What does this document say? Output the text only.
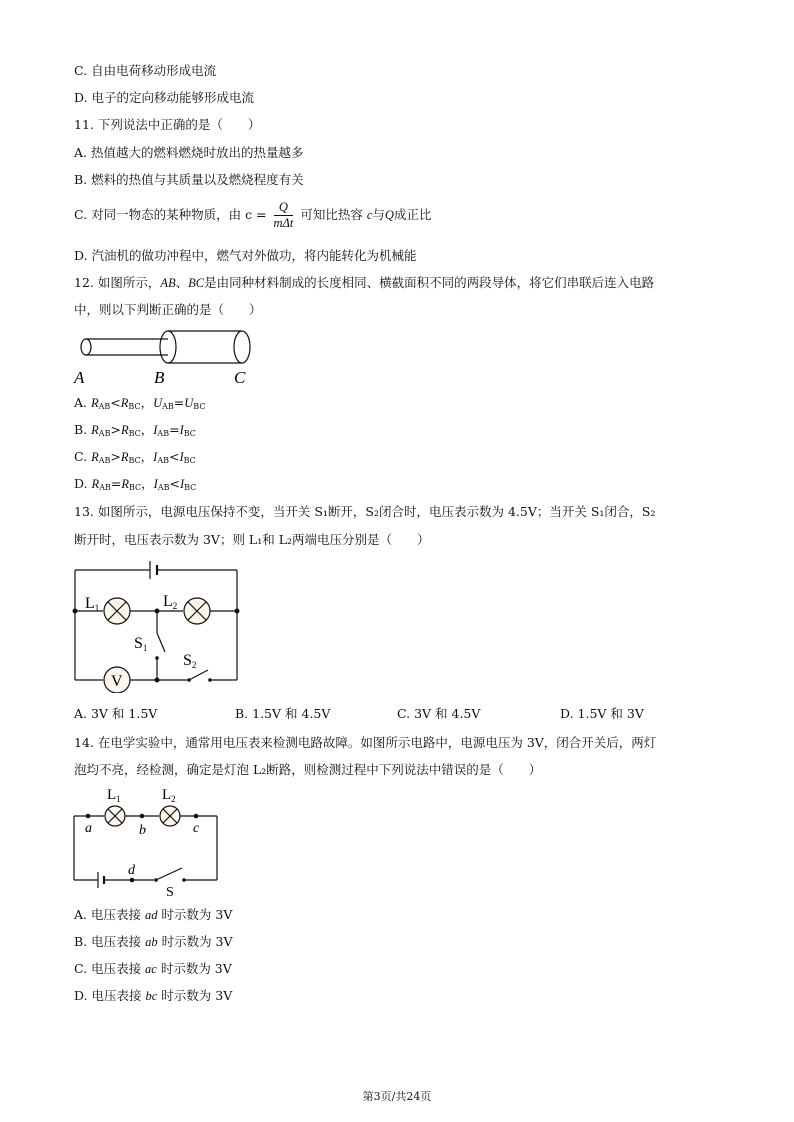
C. 自由电荷移动形成电流
D. 电子的定向移动能够形成电流
11. 下列说法中正确的是（　　）
A. 热值越大的燃料燃烧时放出的热量越多
B. 燃料的热值与其质量以及燃烧程度有关
C. 对同一物态的某种物质，由 $c = \frac{Q}{\text{mΔt}}$ 可知比热容 c与Q成正比
D. 汽油机的做功冲程中，燃气对外做功，将内能转化为机械能
12. 如图所示，AB、BC是由同种材料制成的长度相同、横截面积不同的两段导体，将它们串联后连入电路
中，则以下判断正确的是（　　）
A	B	C
A. $R_{AB}<R_{BC}$，$U_{AB}=U_{BC}$
B. $R_{AB}>R_{BC}$，$I_{AB}=I_{BC}$
C. $R_{AB}>R_{BC}$，$I_{AB}<I_{BC}$
D. $R_{AB}=R_{BC}$，$I_{AB}<I_{BC}$
13. 如图所示，电源电压保持不变，当开关 S₁断开，S₂闭合时，电压表示数为 4.5V；当开关 S₁闭合，S₂
断开时，电压表示数为 3V；则 L₁和 L₂两端电压分别是（　　）
V
L1	L2
S1
S2
A. 3V 和 1.5V	B. 1.5V 和 4.5V	C. 3V 和 4.5V	D. 1.5V 和 3V
14. 在电学实验中，通常用电压表来检测电路故障。如图所示电路中，电源电压为 3V，闭合开关后，两灯
泡均不亮，经检测，确定是灯泡 L₂断路，则检测过程中下列说法中错误的是（　　）
$L_1$	$L_2$
a	b	c
d
S
A. 电压表接 ad 时示数为 3V
B. 电压表接 ab 时示数为 3V
C. 电压表接 ac 时示数为 3V
D. 电压表接 bc 时示数为 3V
第3页/共24页
